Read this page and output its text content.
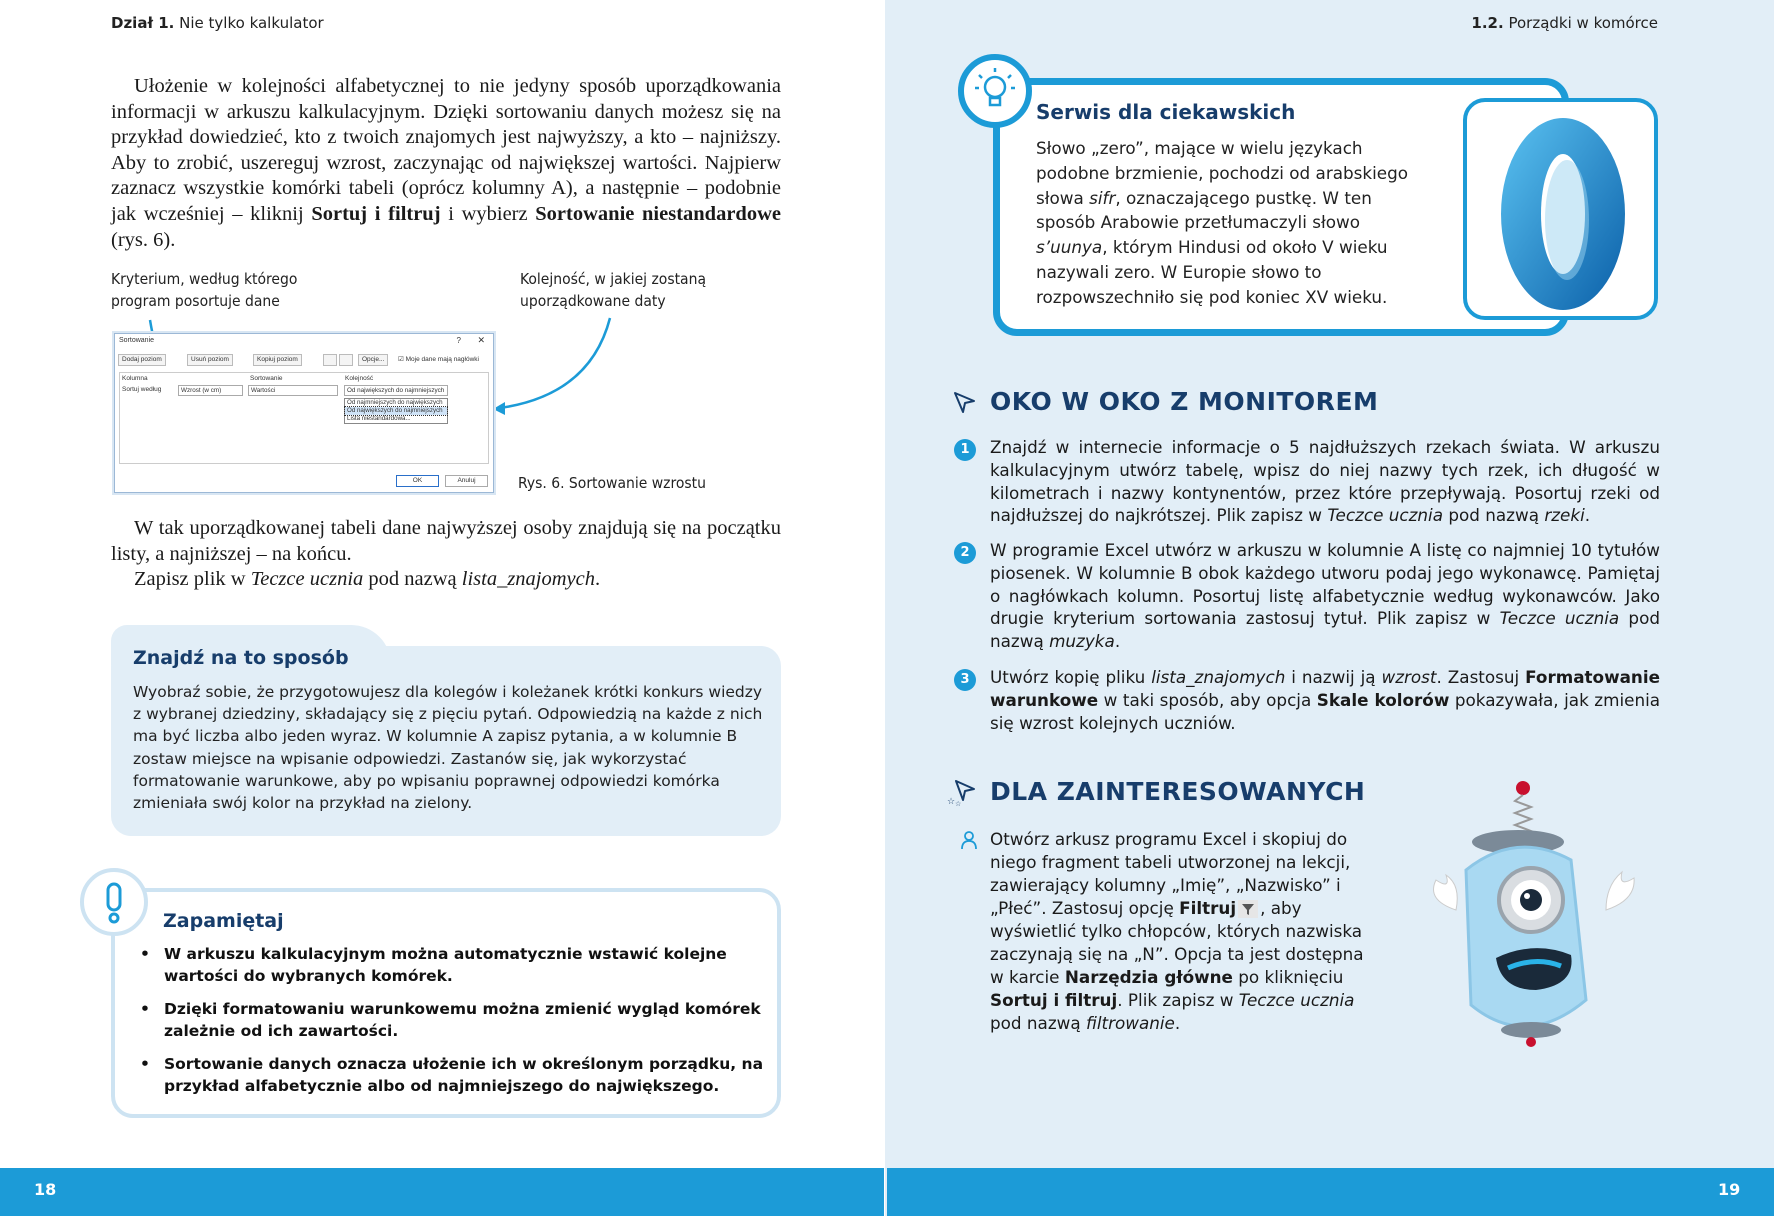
Dział 1. Nie tylko kalkulator
Ułożenie w kolejności alfabetycznej to nie jedyny sposób uporządkowania informacji w arkuszu kalkulacyjnym. Dzięki sortowaniu danych możesz się na przykład dowiedzieć, kto z twoich znajomych jest najwyższy, a kto – najniższy. Aby to zrobić, uszereguj wzrost, zaczynając od największej wartości. Najpierw zaznacz wszystkie komórki tabeli (oprócz kolumny A), a następnie – podobnie jak wcześniej – kliknij Sortuj i filtruj i wybierz Sortowanie niestandardowe (rys. 6).
Kryterium, według którego program posortuje dane
Kolejność, w jakiej zostaną uporządkowane daty
Sortowanie	? ✕
Dodaj poziom	Usuń poziom	Kopiuj poziom	Opcje...	☑ Moje dane mają nagłówki
Kolumna	Sortowanie	Kolejność
Sortuj według	Wzrost (w cm)	Wartości	Od największych do najmniejszych
Od najmniejszych do największych
Od największych do najmniejszych
Lista niestandardowa...
OK	Anuluj	Rys. 6. Sortowanie wzrostu

W tak uporządkowanej tabeli dane najwyższej osoby znajdują się na początku listy, a najniższej – na końcu.

Zapisz plik w Teczce ucznia pod nazwą lista_znajomych.

Znajdź na to sposób
Wyobraź sobie, że przygotowujesz dla kolegów i koleżanek krótki konkurs wiedzy z wybranej dziedziny, składający się z pięciu pytań. Odpowiedzią na każde z nich ma być liczba albo jeden wyraz. W kolumnie A zapisz pytania, a w kolumnie B zostaw miejsce na wpisanie odpowiedzi. Zastanów się, jak wykorzystać formatowanie warunkowe, aby po wpisaniu poprawnej odpowiedzi komórka zmieniała swój kolor na przykład na zielony.
Zapamiętaj
• W arkuszu kalkulacyjnym można automatycznie wstawić kolejne wartości do wybranych komórek.
• Dzięki formatowaniu warunkowemu można zmienić wygląd komórek zależnie od ich zawartości.
• Sortowanie danych oznacza ułożenie ich w określonym porządku, na przykład alfabetycznie albo od najmniejszego do największego.
18
1.2. Porządki w komórce
Serwis dla ciekawskich
Słowo „zero”, mające w wielu językach podobne brzmienie, pochodzi od arabskiego słowa sifr, oznaczającego pustkę. W ten sposób Arabowie przetłumaczyli słowo s’uunya, którym Hindusi od około V wieku nazywali zero. W Europie słowo to rozpowszechniło się pod koniec XV wieku.
OKO W OKO Z MONITOREM
1	Znajdź w internecie informacje o 5 najdłuższych rzekach świata. W arkuszu kalkulacyjnym utwórz tabelę, wpisz do niej nazwy tych rzek, ich długość w kilometrach i nazwy kontynentów, przez które przepływają. Posortuj rzeki od najdłuższej do najkrótszej. Plik zapisz w Teczce ucznia pod nazwą rzeki.
2	W programie Excel utwórz w arkuszu w kolumnie A listę co najmniej 10 tytułów piosenek. W kolumnie B obok każdego utworu podaj jego wykonawcę. Pamiętaj o nagłówkach kolumn. Posortuj listę alfabetycznie według wykonawców. Jako drugie kryterium sortowania zastosuj tytuł. Plik zapisz w Teczce ucznia pod nazwą muzyka.
3	Utwórz kopię pliku lista_znajomych i nazwij ją wzrost. Zastosuj Formatowanie warunkowe w taki sposób, aby opcja Skale kolorów pokazywała, jak zmienia się wzrost kolejnych uczniów.
☆ ☆ DLA ZAINTERESOWANYCH
Otwórz arkusz programu Excel i skopiuj do niego fragment tabeli utworzonej na lekcji, zawierający kolumny „Imię”, „Nazwisko” i „Płeć”. Zastosuj opcję Filtruj , aby wyświetlić tylko chłopców, których nazwiska zaczynają się na „N”. Opcja ta jest dostępna w karcie Narzędzia główne po kliknięciu Sortuj i filtruj. Plik zapisz w Teczce ucznia pod nazwą filtrowanie.
19
